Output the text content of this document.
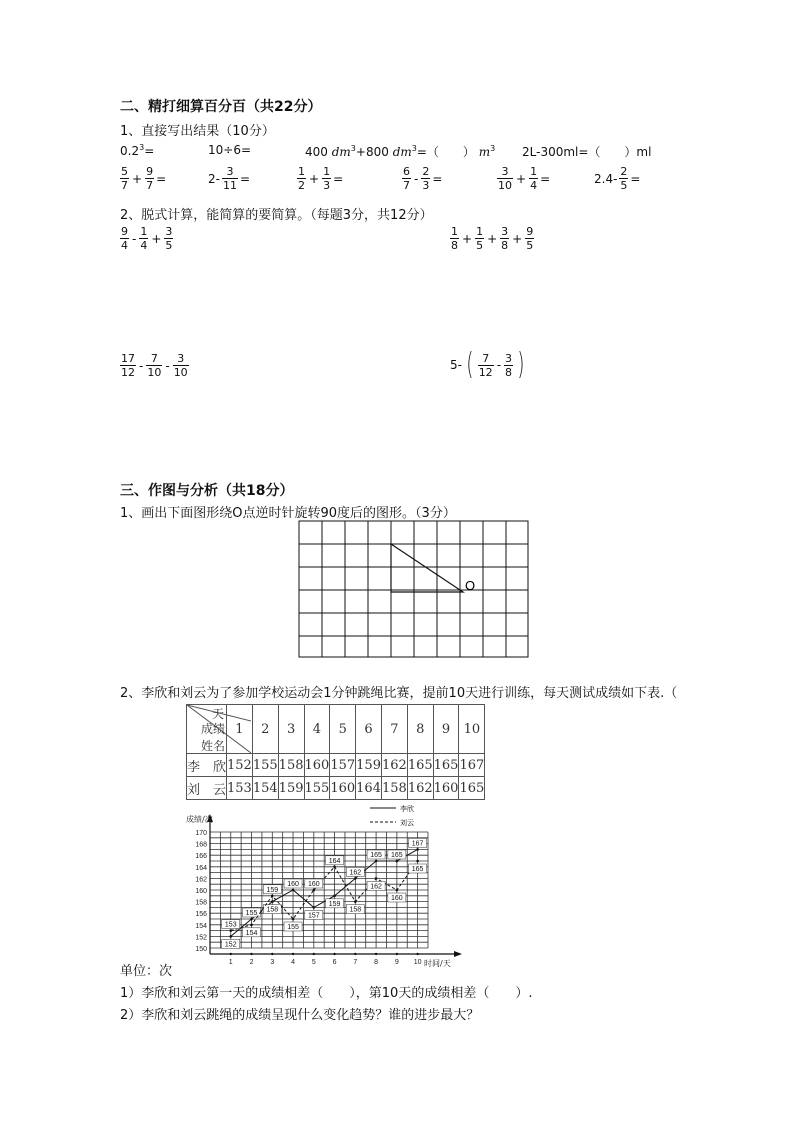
二、精打细算百分百（共22分）
1、直接写出结果（10分）
$0.2^3=$	10÷6=	400 $dm^3+800$ $dm^3=$（　　） $m^3$ 2L-300ml=（　　）ml
$\frac{5}{7} + \frac{9}{7}$ =	$2- \frac{3}{11}$ =	$\frac{1}{2} + \frac{1}{3}$ =	$\frac{6}{7} - \frac{2}{3}$ =	$\frac{3}{10} + \frac{1}{4}$ =	$2.4- \frac{2}{5}$ =
2、脱式计算，能简算的要简算。（每题3分，共12分）
$\frac{9}{4} - \frac{1}{4} + \frac{3}{5}$	$\frac{1}{8} + \frac{1}{5} + \frac{3}{8} + \frac{9}{5}$
$\frac{17}{12} - \frac{7}{10} - \frac{3}{10}$	5- ( $\frac{7}{12} - \frac{3}{8}$ )
三、作图与分析（共18分）
1、画出下面图形绕O点逆时针旋转90度后的图形。（3分）
O
2、李欣和刘云为了参加学校运动会1分钟跳绳比赛，提前10天进行训练，每天测试成绩如下表.（
天
成绩
姓名	1	2	3	4	5	6	7	8	9	10
李　欣	152	155	158	160	157	159	162	165	165	167
刘　云	153	154	159	155	160	164	158	162	160	165
150
152
154
156
158
160
162
164
166
168
170
1 2 3 4 5 6 7 8 9 10
成绩/次
时间/天
李欣
刘云
152
155 158
160
157
159
162
165 165
167
153
154
159
155
160
164
158
162
160
165
单位：次
1）李欣和刘云第一天的成绩相差（　　），第10天的成绩相差（　　）.
2）李欣和刘云跳绳的成绩呈现什么变化趋势？谁的进步最大？
